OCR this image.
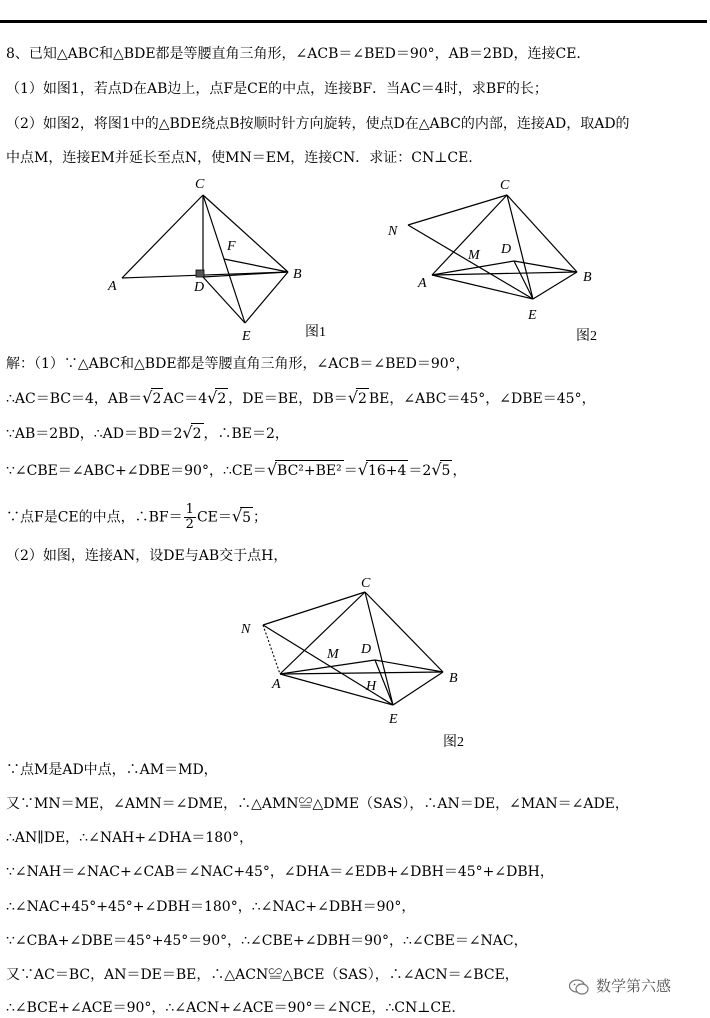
8、已知△ABC和△BDE都是等腰直角三角形，∠ACB＝∠BED＝90°，AB＝2BD，连接CE.
（1）如图1，若点D在AB边上，点F是CE的中点，连接BF．当AC＝4时，求BF的长；
（2）如图2，将图1中的△BDE绕点B按顺时针方向旋转，使点D在△ABC的内部，连接AD，取AD的
中点M，连接EM并延长至点N，使MN＝EM，连接CN．求证：CN⊥CE.
C
F
A	D
B
E	图1
C
N
M D
A	B
E
图2
解：（1）∵△ABC和△BDE都是等腰直角三角形，∠ACB＝∠BED＝90°，
∴AC＝BC＝4，AB＝√2 AC＝4√2 ，DE＝BE，DB＝√2 BE，∠ABC＝45°，∠DBE＝45°，
∵AB＝2BD，∴AD＝BD＝2√2 ，∴BE＝2，
∵∠CBE＝∠ABC+∠DBE＝90°，∴CE＝√BC²+BE² ＝√16+4 ＝2√5 ，
∵点F是CE的中点，∴BF＝ $\frac{1}{2} CE=√5$ ；
（2）如图，连接AN，设DE与AB交于点H，
C
N
M D
A	H
B
E
图2
∵点M是AD中点，∴AM＝MD，
又∵MN＝ME，∠AMN＝∠DME，∴△AMN≌△DME（SAS），∴AN＝DE，∠MAN＝∠ADE，
∴AN∥DE，∴∠NAH+∠DHA＝180°，
∵∠NAH＝∠NAC+∠CAB＝∠NAC+45°，∠DHA＝∠EDB+∠DBH＝45°+∠DBH，
∴∠NAC+45°+45°+∠DBH＝180°，∴∠NAC+∠DBH＝90°，
∵∠CBA+∠DBE＝45°+45°＝90°，∴∠CBE+∠DBH＝90°，∴∠CBE＝∠NAC，
又∵AC＝BC，AN＝DE＝BE，∴△ACN≌△BCE（SAS），∴∠ACN＝∠BCE，
∴∠BCE+∠ACE＝90°，∴∠ACN+∠ACE＝90°＝∠NCE，∴CN⊥CE.
数学第六感
